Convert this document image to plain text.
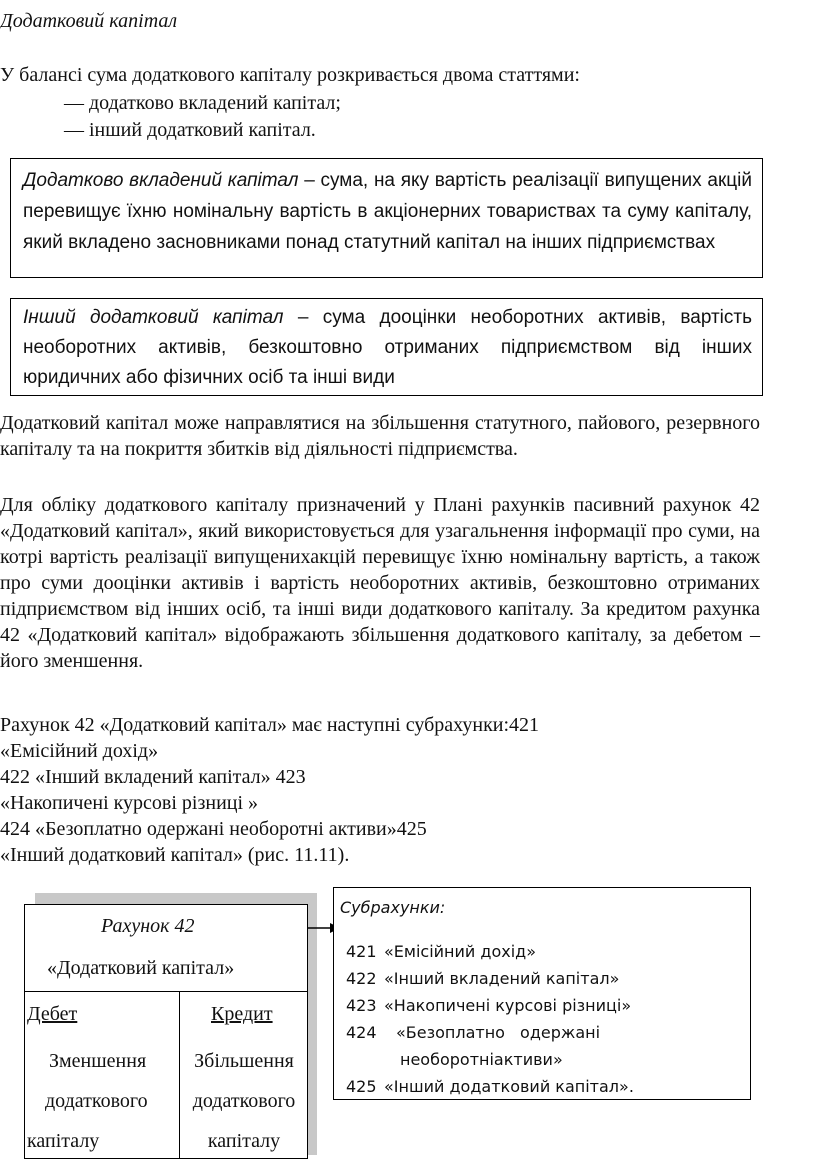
Додатковий капітал
У балансі сума додаткового капіталу розкривається двома статтями:
— додатково вкладений капітал;
— інший додатковий капітал.

Додатково вкладений капітал – сума, на яку вартість реалізації випущених акцій перевищує їхню номінальну вартість в акціонерних товариствах та суму капіталу, який вкладено засновниками понад статутний капітал на інших підприємствах

Інший додатковий капітал – сума дооцінки необоротних активів, вартість необоротних активів, безкоштовно отриманих підприємством від інших юридичних або фізичних осіб та інші види

Додатковий капітал може направлятися на збільшення статутного, пайового, резервного капіталу та на покриття збитків від діяльності підприємства.

Для обліку додаткового капіталу призначений у Плані рахунків пасивний рахунок 42 «Додатковий капітал», який використовується для узагальнення інформації про суми, на котрі вартість реалізації випущенихакцій перевищує їхню номінальну вартість, а також про суми дооцінки активів і вартість необоротних активів, безкоштовно отриманих підприємством від інших осіб, та інші види додаткового капіталу. За кредитом рахунка 42 «Додатковий капітал» відображають збільшення додаткового капіталу, за дебетом – його зменшення.

Рахунок 42 «Додатковий капітал» має наступні субрахунки:421
«Емісійний дохід»
422 «Інший вкладений капітал» 423
«Накопичені курсові різниці »
424 «Безоплатно одержані необоротні активи»425
«Інший додатковий капітал» (рис. 11.11).
Рахунок 42
«Додатковий капітал»
Дебет	Кредит
Зменшення
додаткового
капіталу
Збільшення
додаткового
капіталу
Субрахунки:
421 «Емісійний дохід»
422 «Інший вкладений капітал»
423 «Накопичені курсові різниці»
424 «Безоплатно одержані
необоротніактиви»
425 «Інший додатковий капітал».
